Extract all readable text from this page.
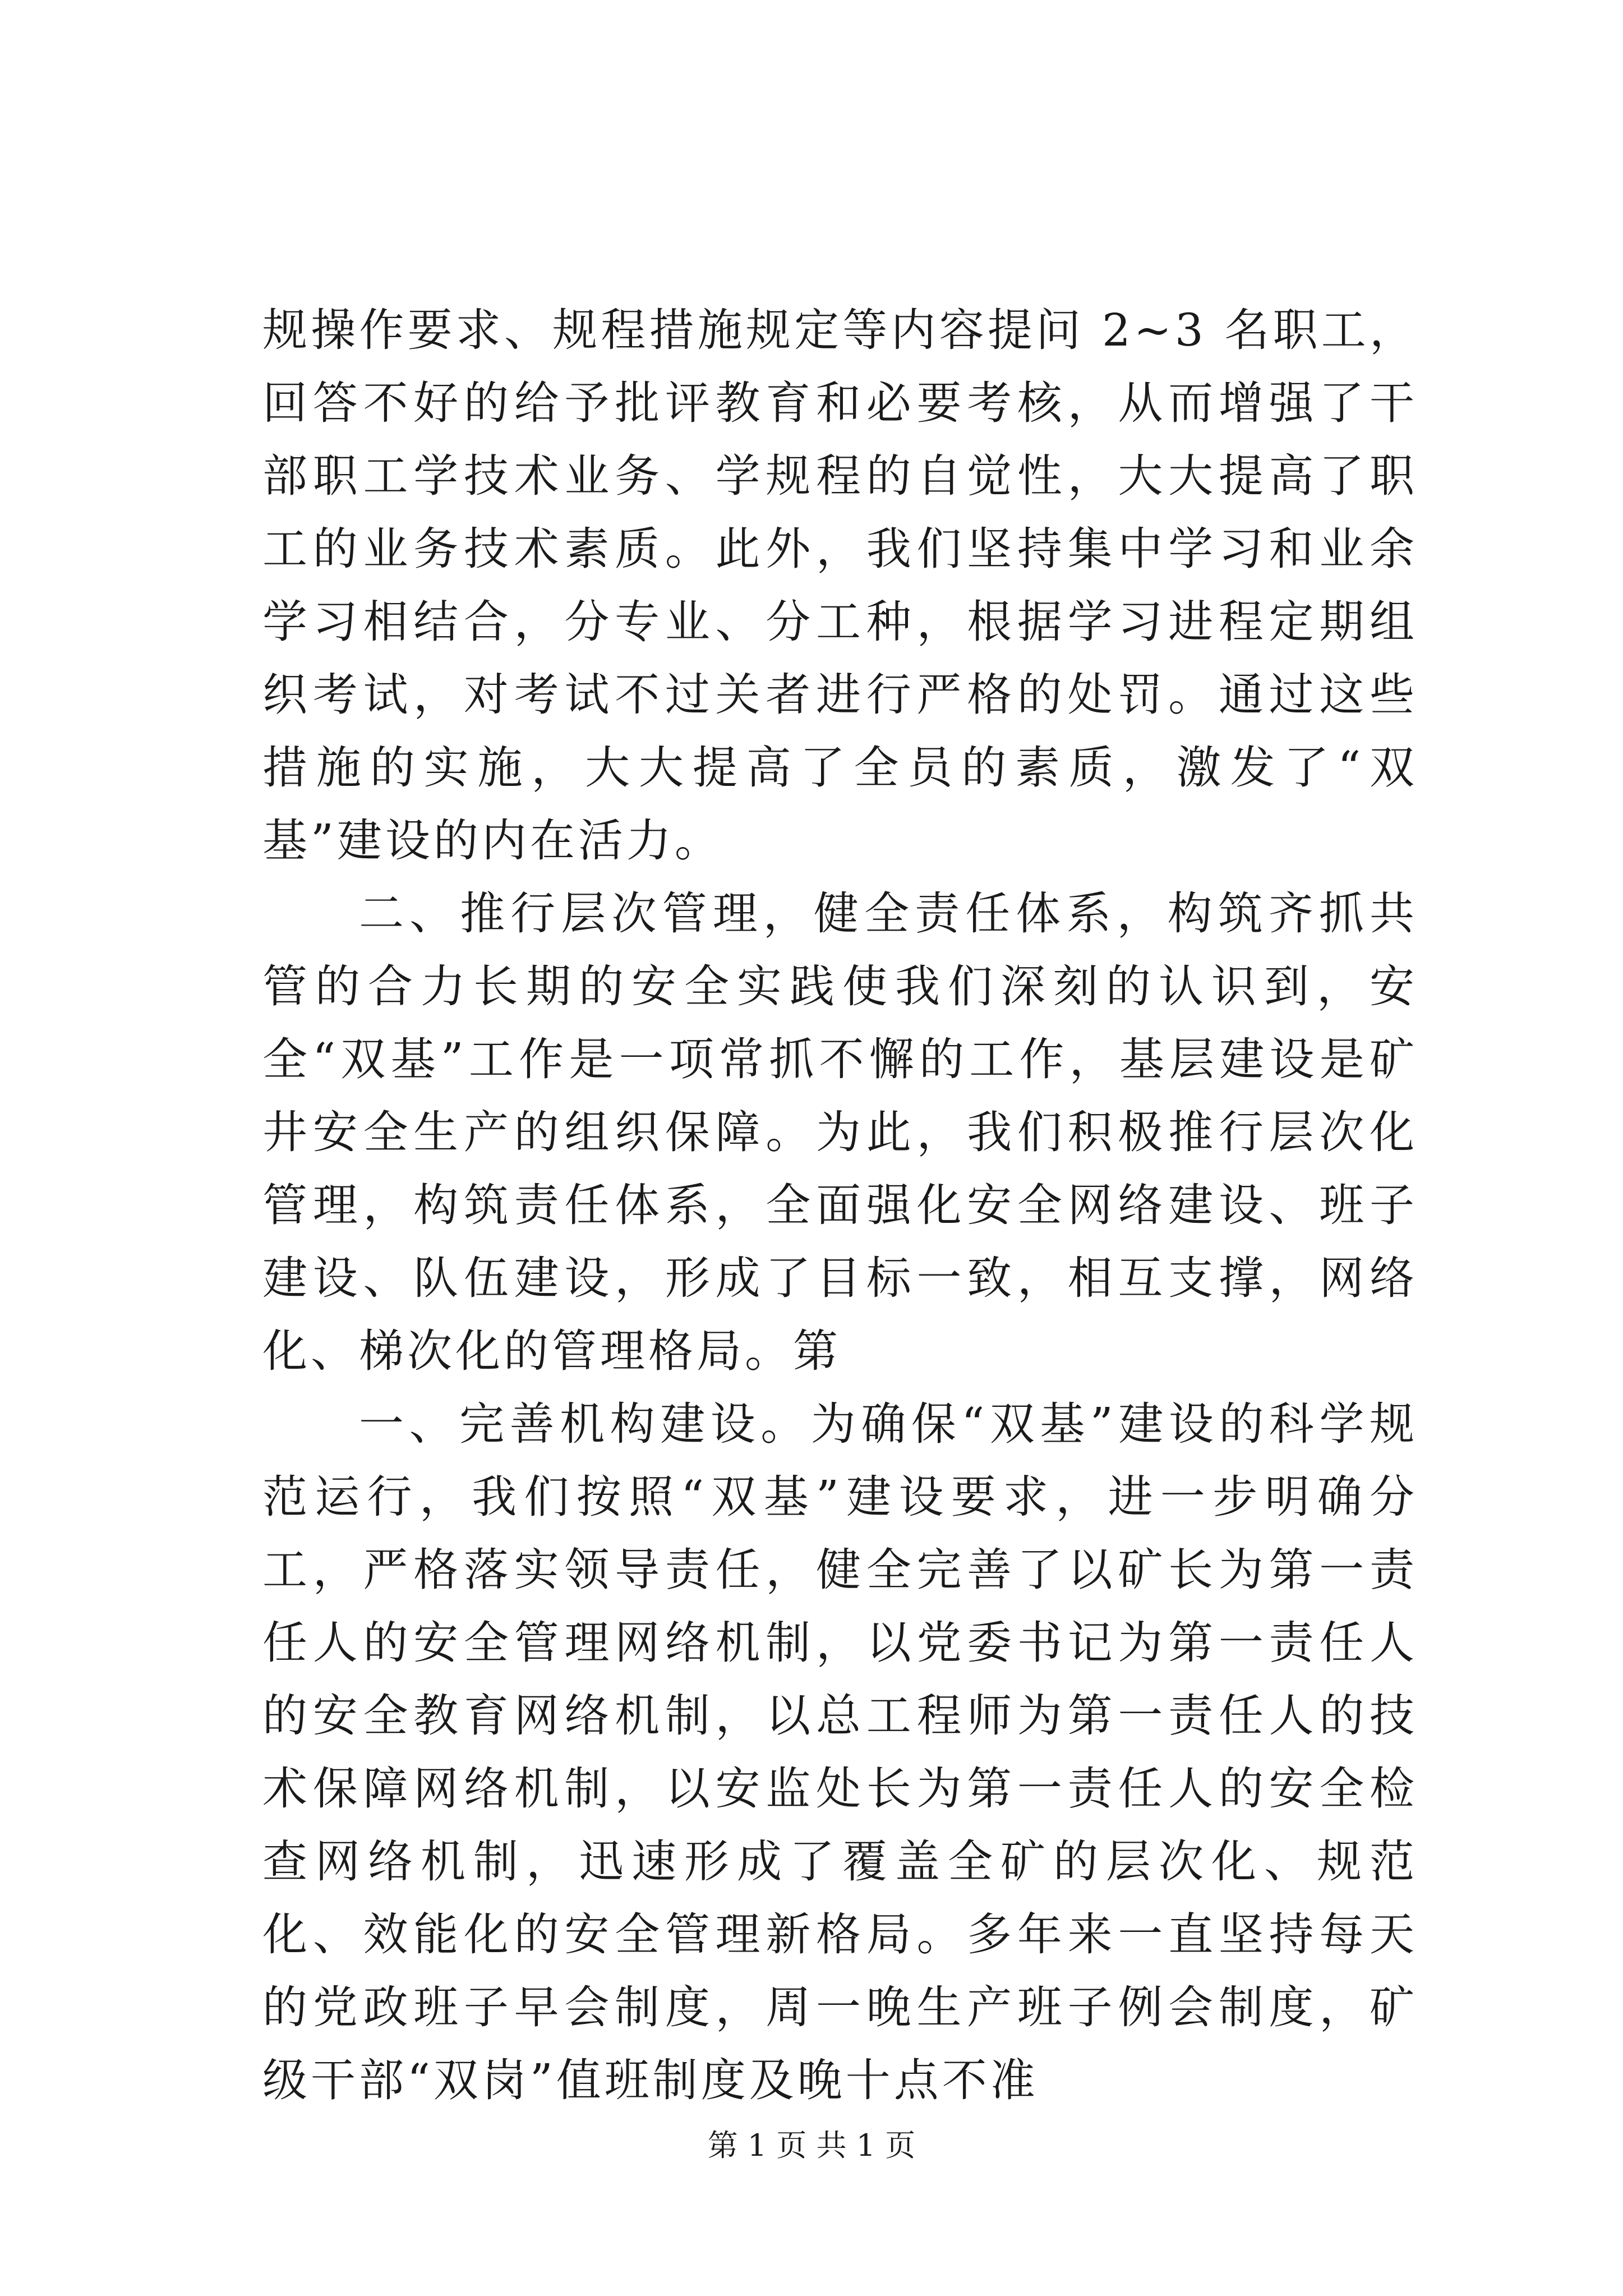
规操作要求、规程措施规定等内容提问 2~3 名职工，回答不好的给予批评教育和必要考核，从而增强了干部职工学技术业务、学规程的自觉性，大大提高了职工的业务技术素质。此外，我们坚持集中学习和业余学习相结合，分专业、分工种，根据学习进程定期组织考试，对考试不过关者进行严格的处罚。通过这些措施的实施，大大提高了全员的素质，激发了“双基”建设的内在活力。

二、推行层次管理，健全责任体系，构筑齐抓共管的合力长期的安全实践使我们深刻的认识到，安全“双基”工作是一项常抓不懈的工作，基层建设是矿井安全生产的组织保障。为此，我们积极推行层次化管理，构筑责任体系，全面强化安全网络建设、班子建设、队伍建设，形成了目标一致，相互支撑，网络化、梯次化的管理格局。第

一、完善机构建设。为确保“双基”建设的科学规范运行，我们按照“双基”建设要求，进一步明确分工，严格落实领导责任，健全完善了以矿长为第一责任人的安全管理网络机制，以党委书记为第一责任人的安全教育网络机制，以总工程师为第一责任人的技术保障网络机制，以安监处长为第一责任人的安全检查网络机制，迅速形成了覆盖全矿的层次化、规范化、效能化的安全管理新格局。多年来一直坚持每天的党政班子早会制度，周一晚生产班子例会制度，矿级干部“双岗”值班制度及晚十点不准

第 1 页 共 1 页
